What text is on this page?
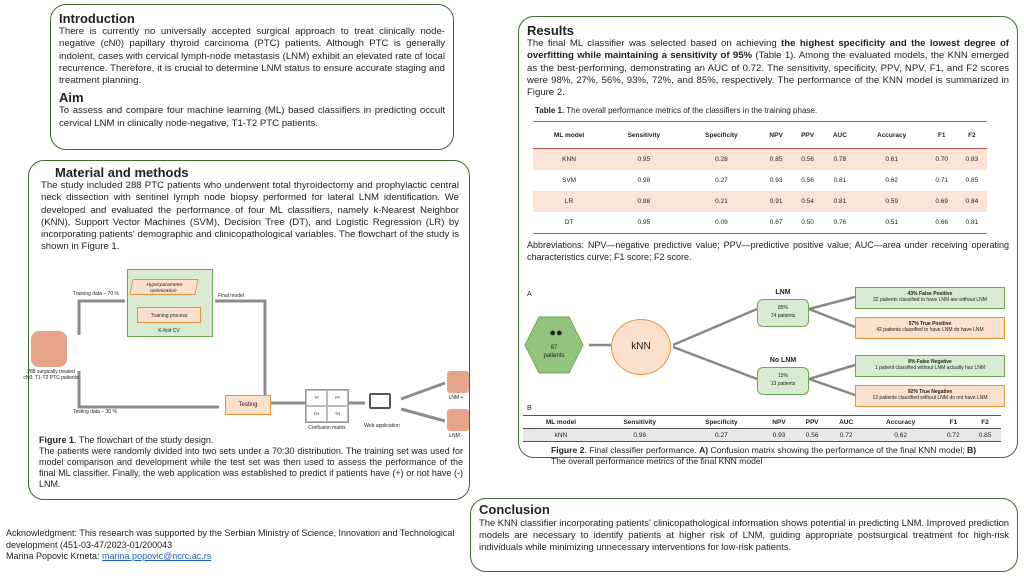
Introduction

There is currently no universally accepted surgical approach to treat clinically node-negative (cN0) papillary thyroid carcinoma (PTC) patients. Although PTC is generally indolent, cases with cervical lymph-node metastasis (LNM) exhibit an elevated rate of local recurrence. Therefore, it is crucial to determine LNM status to ensure accurate staging and treatment planning.

Aim

To assess and compare four machine learning (ML) based classifiers in predicting occult cervical LNM in clinically node-negative, T1-T2 PTC patients.

Material and methods

The study included 288 PTC patients who underwent total thyroidectomy and prophylactic central neck dissection with sentinel lymph node biopsy performed for lateral LNM identification. We developed and evaluated the performance of four ML classifiers, namely k-Nearest Neighbor (KNN), Support Vector Machines (SVM), Decision Tree (DT), and Logistic Regression (LR) by incorporating patients' demographic and clinicopathological variables. The flowchart of the study is shown in Figure 1.

288 surgically treated cN0, T1-T2 PTC patients
Training data – 70 %
Testing data – 30 %
Hyperparameter optimization
Training process
K-fold CV
Final model
Testing
TP	FP
FN	TN
Confusion matrix	Web application
LNM +
LNM -

Figure 1. The flowchart of the study design.

The patients were randomly divided into two sets under a 70:30 distribution. The training set was used for model comparison and development while the test set was then used to assess the performance of the final ML classifier. Finally, the web application was established to predict if patients have (+) or not have (-) LNM.

Acknowledgment: This research was supported by the Serbian Ministry of Science, Innovation and Technological development (451-03-47/2023-01/200043
Marina Popovic Krneta: marina.popovic@ncrc.ac.rs

Results

The final ML classifier was selected based on achieving the highest specificity and the lowest degree of overfitting while maintaining a sensitivity of 95% (Table 1). Among the evaluated models, the KNN emerged as the best-performing, demonstrating an AUC of 0.72. The sensitivity, specificity, PPV, NPV, F1, and F2 scores were 98%, 27%, 56%, 93%, 72%, and 85%, respectively. The performance of the KNN model is summarized in Figure 2.

Table 1. The overall performance metrics of the classifiers in the training phase.

ML model	Sensitivity	Specificity	NPV	PPV	AUC	Accuracy	F1	F2
KNN	0.95	0.28	0.85	0.56	0.78	0.61	0.70	0.83
SVM	0.98	0.27	0.93	0.56	0.81	0.62	0.71	0.85
LR	0.98	0.21	0.91	0.54	0.81	0.59	0.69	0.84
DT	0.95	0.09	0.67	0.50	0.76	0.51	0.66	0.81

Abbreviations: NPV—negative predictive value; PPV—predictive positive value; AUC—area under receiving operating characteristics curve; F1 score; F2 score.

A
●●
87
patients
kNN
LNM
85%
74 patients
No LNM
15%
13 patients
43% False Positive
32 patients classified to have LNM are without LNM
57% True Positive
42 patients classified to have LNM do have LNM
8% False Negative
1 patient classified without LNM actually has LNM
92% True Negative
12 patients classified without LNM do not have LNM
B
ML model	Sensitivity	Specificity	NPV	PPV	AUC	Accuracy	F1	F2
kNN	0.98	0.27	0.93	0.56	0.72	0.62	0.72	0.85

Figure 2. Final classifier performance. A) Confusion matrix showing the performance of the final KNN model; B) The overall performance metrics of the final KNN model

Conclusion

The KNN classifier incorporating patients' clinicopathological information shows potential in predicting LNM. Improved prediction models are necessary to identify patients at higher risk of LNM, guiding appropriate postsurgical treatment for high-risk individuals while minimizing unnecessary interventions for low-risk patients.
